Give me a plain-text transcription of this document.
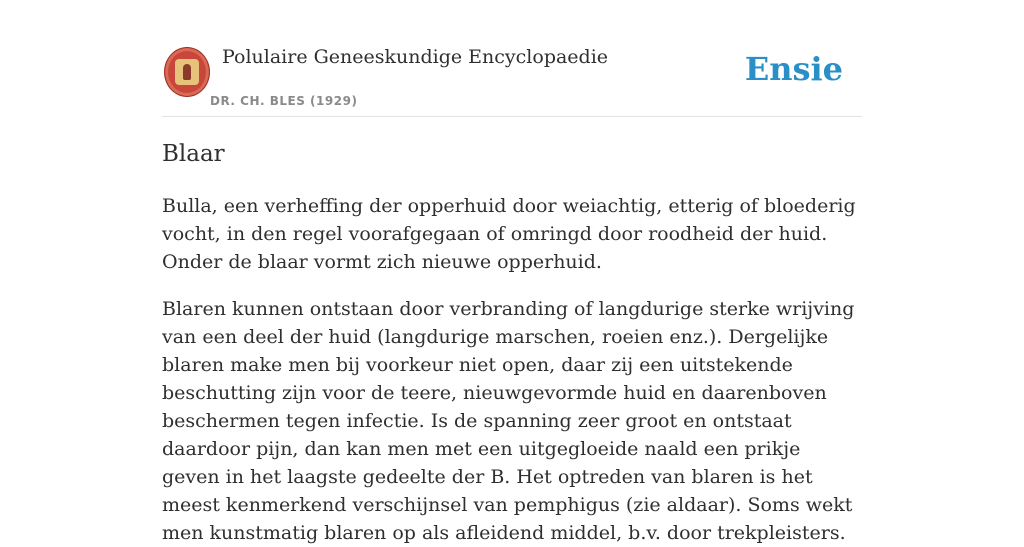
Polulaire Geneeskundige Encyclopaedie
DR. CH. BLES (1929)
Ensie
Blaar

Bulla, een verheffing der opperhuid door weiachtig, etterig of bloederig vocht, in den regel voorafgegaan of omringd door roodheid der huid. Onder de blaar vormt zich nieuwe opperhuid.

Blaren kunnen ontstaan door verbranding of langdurige sterke wrijving van een deel der huid (langdurige marschen, roeien enz.). Dergelijke blaren make men bij voorkeur niet open, daar zij een uitstekende beschutting zijn voor de teere, nieuwgevormde huid en daarenboven beschermen tegen infectie. Is de spanning zeer groot en ontstaat daardoor pijn, dan kan men met een uitgegloeide naald een prikje geven in het laagste gedeelte der B. Het optreden van blaren is het meest kenmerkend verschijnsel van pemphigus (zie aldaar). Soms wekt men kunstmatig blaren op als afleidend middel, b.v. door trekpleisters.
